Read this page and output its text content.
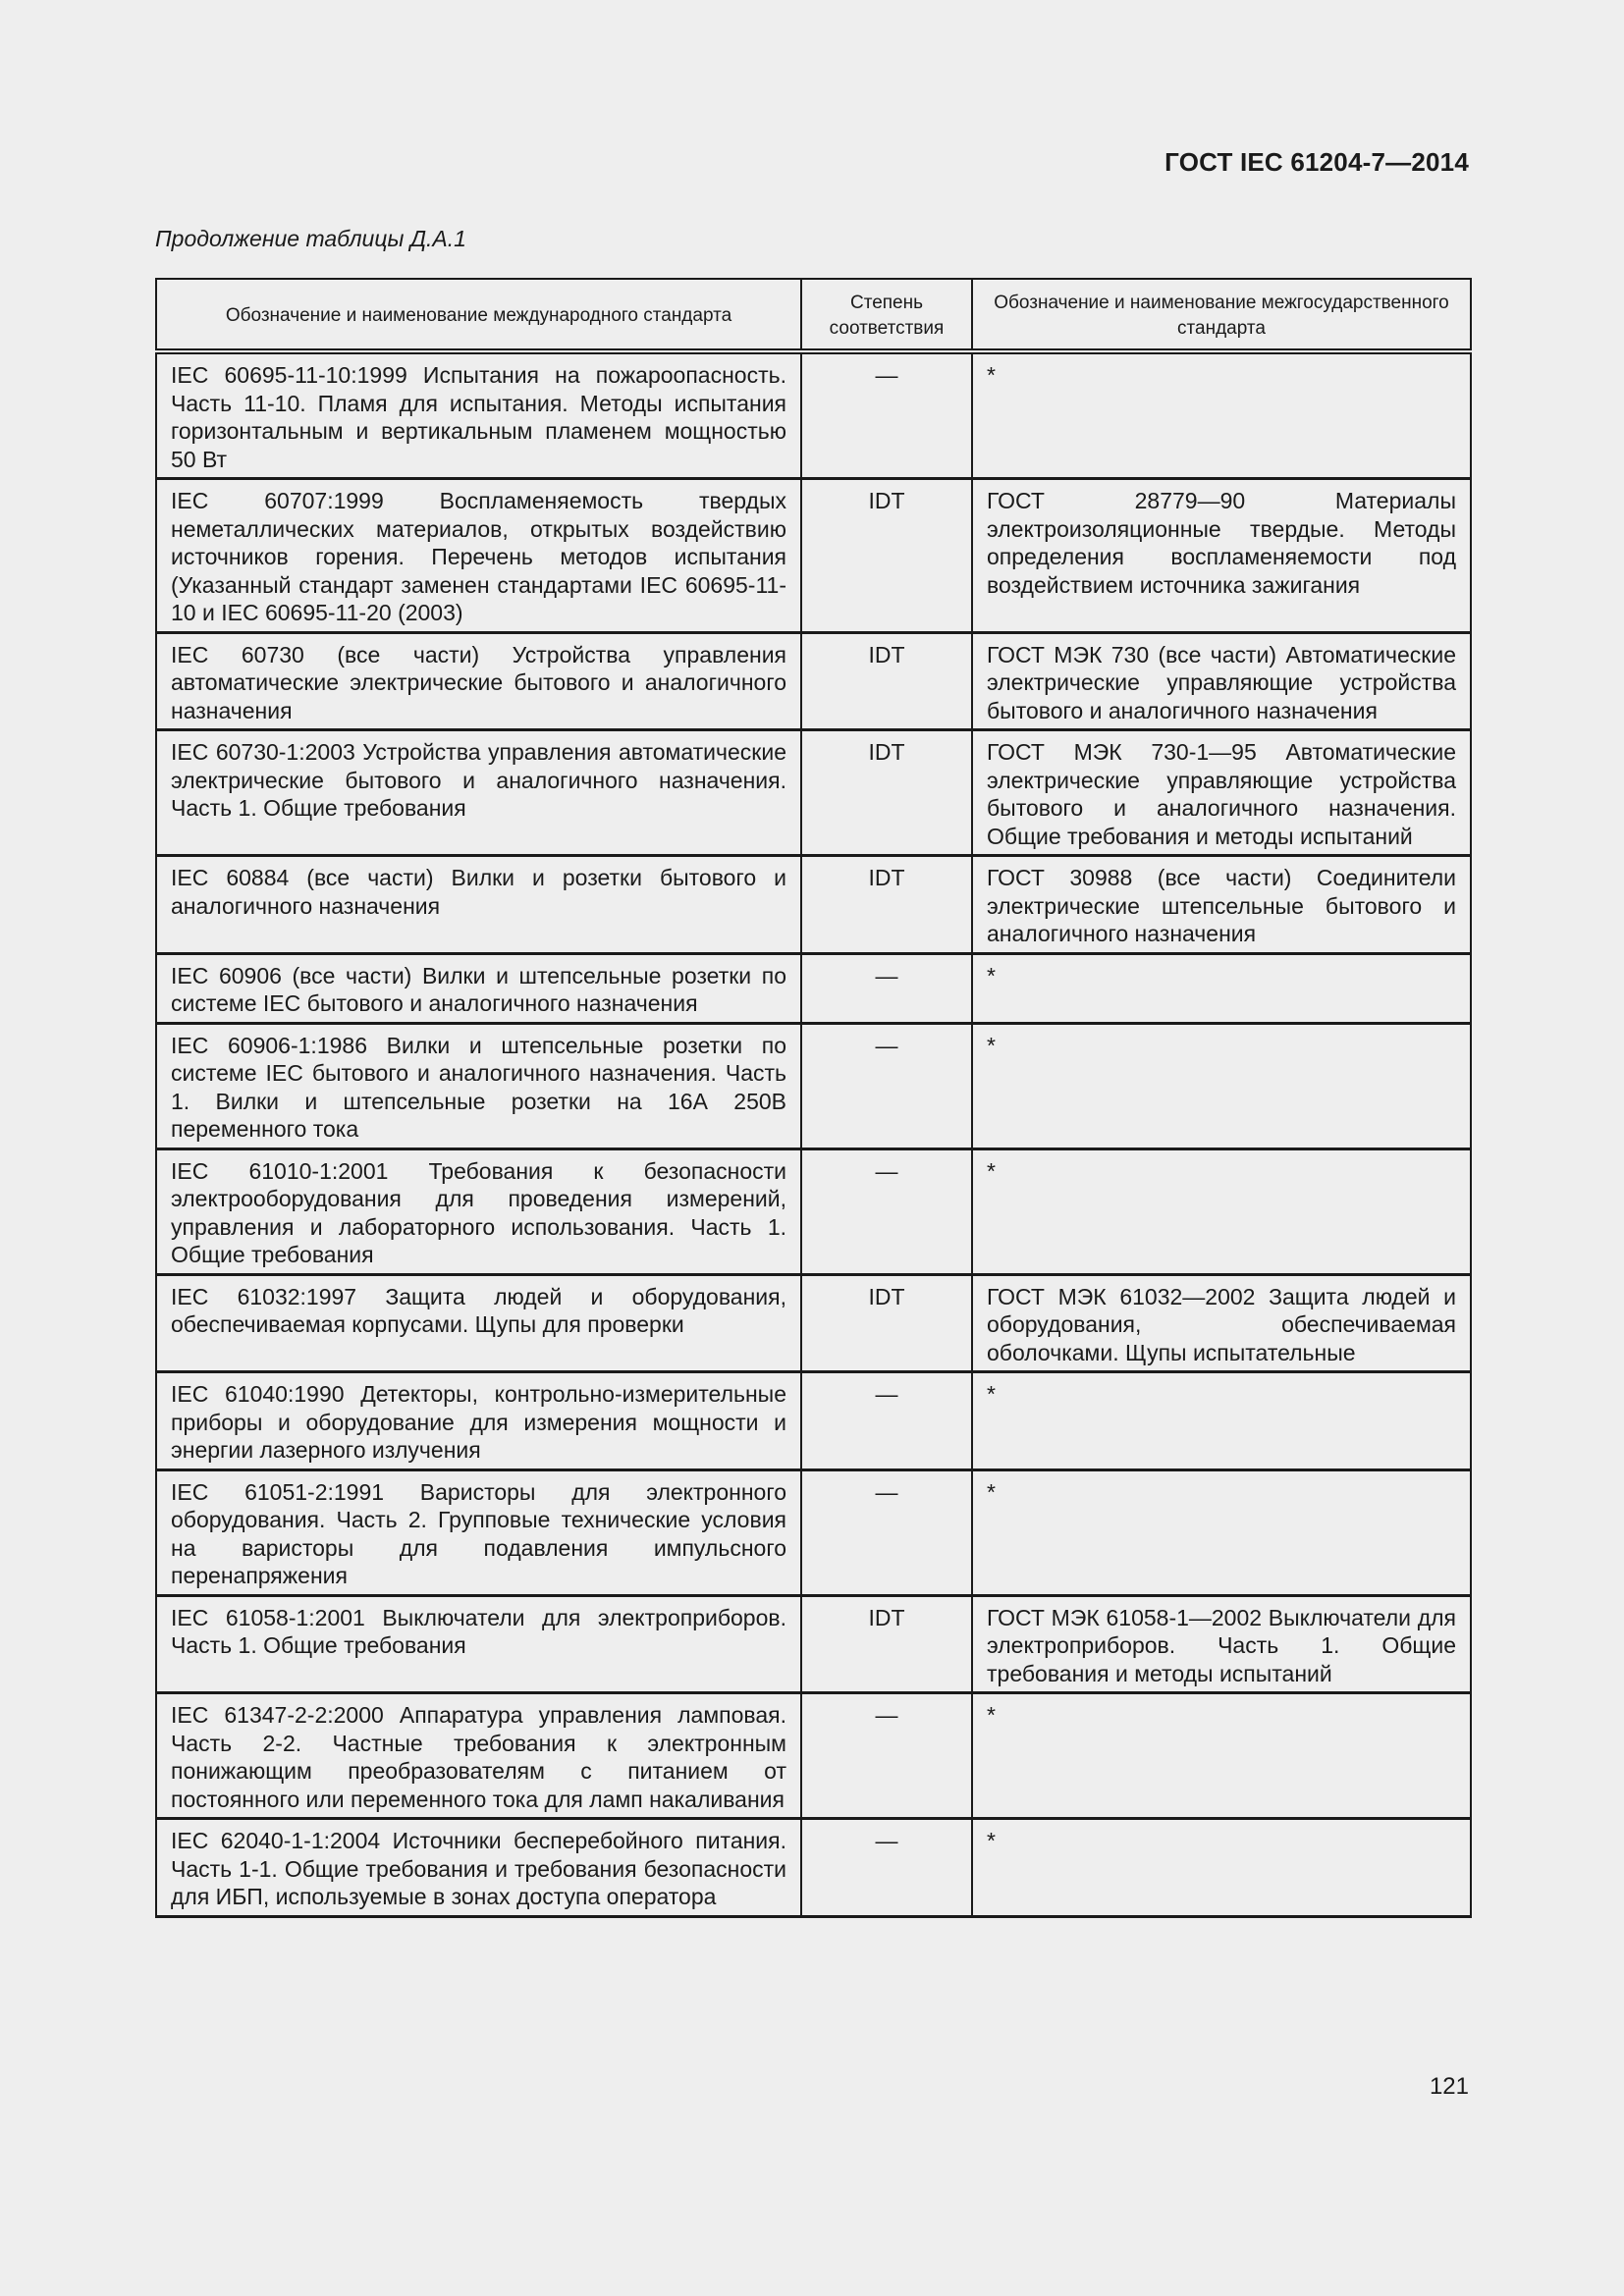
ГОСТ IEC 61204-7—2014
Продолжение таблицы Д.А.1
Обозначение и наименование международного стандарта	Степень соответствия	Обозначение и наименование межгосударственного стандарта
IEC 60695-11-10:1999 Испытания на пожароопасность. Часть 11-10. Пламя для испытания. Методы испытания горизонтальным и вертикальным пламенем мощностью 50 Вт	—	*
IEC 60707:1999 Воспламеняемость твердых неметаллических материалов, открытых воздействию источников горения. Перечень методов испытания (Указанный стандарт заменен стандартами IEC 60695-11-10 и IEC 60695-11-20 (2003)	IDT	ГОСТ 28779—90 Материалы электроизоляционные твердые. Методы определения воспламеняемости под воздействием источника зажигания
IEC 60730 (все части) Устройства управления автоматические электрические бытового и аналогичного назначения	IDT	ГОСТ МЭК 730 (все части) Автоматические электрические управляющие устройства бытового и аналогичного назначения
IEC 60730-1:2003 Устройства управления автоматические электрические бытового и аналогичного назначения. Часть 1. Общие требования	IDT	ГОСТ МЭК 730-1—95 Автоматические электрические управляющие устройства бытового и аналогичного назначения. Общие требования и методы испытаний
IEC 60884 (все части) Вилки и розетки бытового и аналогичного назначения	IDT	ГОСТ 30988 (все части) Соединители электрические штепсельные бытового и аналогичного назначения
IEC 60906 (все части) Вилки и штепсельные розетки по системе IEC бытового и аналогичного назначения	—	*
IEC 60906-1:1986 Вилки и штепсельные розетки по системе IEC бытового и аналогичного назначения. Часть 1. Вилки и штепсельные розетки на 16А 250В переменного тока	—	*
IEC 61010-1:2001 Требования к безопасности электрооборудования для проведения измерений, управления и лабораторного использования. Часть 1. Общие требования	—	*
IEC 61032:1997 Защита людей и оборудования, обеспечиваемая корпусами. Щупы для проверки	IDT	ГОСТ МЭК 61032—2002 Защита людей и оборудования, обеспечиваемая оболочками. Щупы испытательные
IEC 61040:1990 Детекторы, контрольно-измерительные приборы и оборудование для измерения мощности и энергии лазерного излучения	—	*
IEC 61051-2:1991 Варисторы для электронного оборудования. Часть 2. Групповые технические условия на варисторы для подавления импульсного перенапряжения	—	*
IEC 61058-1:2001 Выключатели для электроприборов. Часть 1. Общие требования	IDT	ГОСТ МЭК 61058-1—2002 Выключатели для электроприборов. Часть 1. Общие требования и методы испытаний
IEC 61347-2-2:2000 Аппаратура управления ламповая. Часть 2-2. Частные требования к электронным понижающим преобразователям с питанием от постоянного или переменного тока для ламп накаливания	—	*
IEC 62040-1-1:2004 Источники бесперебойного питания. Часть 1-1. Общие требования и требования безопасности для ИБП, используемые в зонах доступа оператора	—	*
121
